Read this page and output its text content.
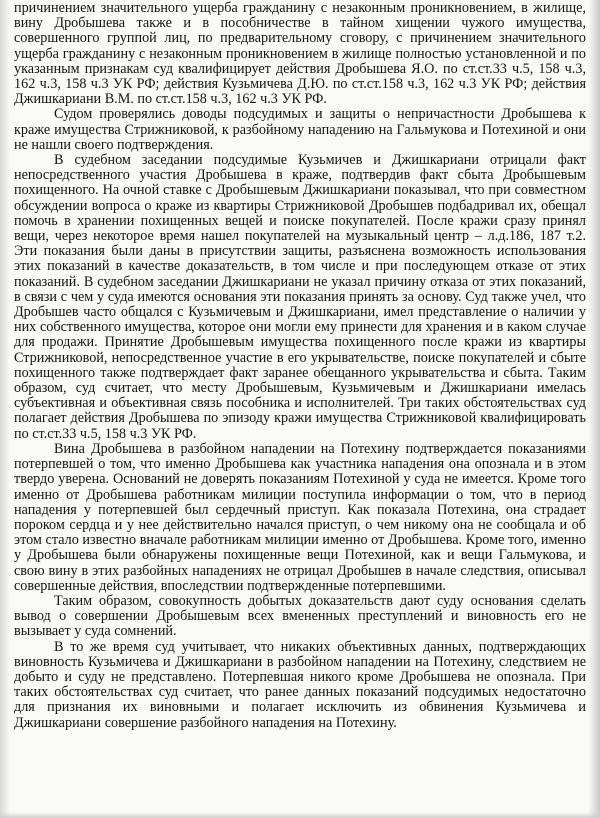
причинением значительного ущерба гражданину с незаконным проникновением, в жилище, вину Дробышева также и в пособничестве в тайном хищении чужого имущества, совершенного группой лиц, по предварительному сговору, с причинением значительного ущерба гражданину с незаконным проникновением в жилище полностью установленной и по указанным признакам суд квалифицирует действия Дробышева Я.О. по ст.ст.33 ч.5, 158 ч.3, 162 ч.3, 158 ч.3 УК РФ; действия Кузьмичева Д.Ю. по ст.ст.158 ч.3, 162 ч.3 УК РФ; действия Джишкариани В.М. по ст.ст.158 ч.3, 162 ч.3 УК РФ.

Судом проверялись доводы подсудимых и защиты о непричастности Дробышева к краже имущества Стрижниковой, к разбойному нападению на Гальмукова и Потехиной и они не нашли своего подтверждения.

В судебном заседании подсудимые Кузьмичев и Джишкариани отрицали факт непосредственного участия Дробышева в краже, подтвердив факт сбыта Дробышевым похищенного. На очной ставке с Дробышевым Джишкариани показывал, что при совместном обсуждении вопроса о краже из квартиры Стрижниковой Дробышев подбадривал их, обещал помочь в хранении похищенных вещей и поиске покупателей. После кражи сразу принял вещи, через некоторое время нашел покупателей на музыкальный центр – л.д.186, 187 т.2. Эти показания были даны в присутствии защиты, разъяснена возможность использования этих показаний в качестве доказательств, в том числе и при последующем отказе от этих показаний. В судебном заседании Джишкариани не указал причину отказа от этих показаний, в связи с чем у суда имеются основания эти показания принять за основу. Суд также учел, что Дробышев часто общался с Кузьмичевым и Джишкариани, имел представление о наличии у них собственного имущества, которое они могли ему принести для хранения и в каком случае для продажи. Принятие Дробышевым имущества похищенного после кражи из квартиры Стрижниковой, непосредственное участие в его укрывательстве, поиске покупателей и сбыте похищенного также подтверждает факт заранее обещанного укрывательства и сбыта. Таким образом, суд считает, что месту Дробышевым, Кузьмичевым и Джишкариани имелась субъективная и объективная связь пособника и исполнителей. Три таких обстоятельствах суд полагает действия Дробышева по эпизоду кражи имущества Стрижниковой квалифицировать по ст.ст.33 ч.5, 158 ч.3 УК РФ.

Вина Дробышева в разбойном нападении на Потехину подтверждается показаниями потерпевшей о том, что именно Дробышева как участника нападения она опознала и в этом твердо уверена. Оснований не доверять показаниям Потехиной у суда не имеется. Кроме того именно от Дробышева работникам милиции поступила информации о том, что в период нападения у потерпевшей был сердечный приступ. Как показала Потехина, она страдает пороком сердца и у нее действительно начался приступ, о чем никому она не сообщала и об этом стало известно вначале работникам милиции именно от Дробышева. Кроме того, именно у Дробышева были обнаружены похищенные вещи Потехиной, как и вещи Гальмукова, и свою вину в этих разбойных нападениях не отрицал Дробышев в начале следствия, описывал совершенные действия, впоследствии подтвержденные потерпевшими.

Таким образом, совокупность добытых доказательств дают суду основания сделать вывод о совершении Дробышевым всех вмененных преступлений и виновность его не вызывает у суда сомнений.

В то же время суд учитывает, что никаких объективных данных, подтверждающих виновность Кузьмичева и Джишкариани в разбойном нападении на Потехину, следствием не добыто и суду не представлено. Потерпевшая никого кроме Дробышева не опознала. При таких обстоятельствах суд считает, что ранее данных показаний подсудимых недостаточно для признания их виновными и полагает исключить из обвинения Кузьмичева и Джишкариани совершение разбойного нападения на Потехину.
